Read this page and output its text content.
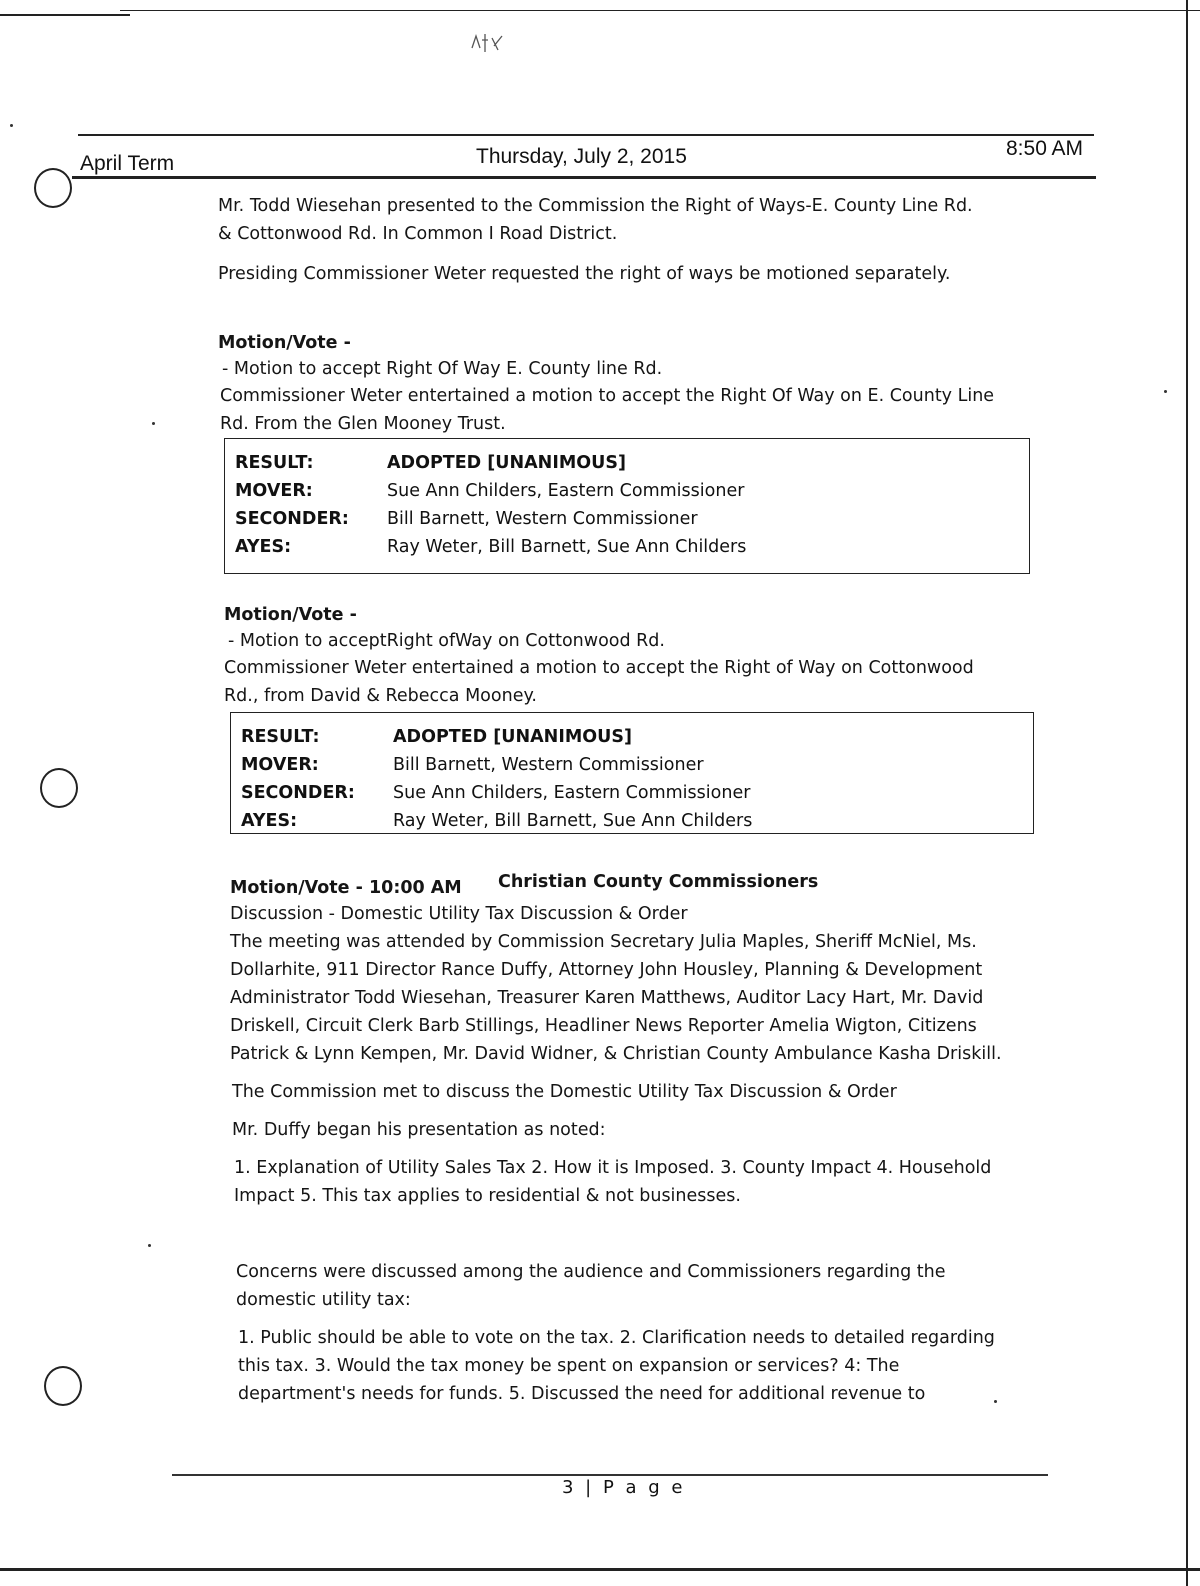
April Term	Thursday, July 2, 2015	8:50 AM
Mr. Todd Wiesehan presented to the Commission the Right of Ways-E. County Line Rd.
& Cottonwood Rd. In Common I Road District.
Presiding Commissioner Weter requested the right of ways be motioned separately.
Motion/Vote -
- Motion to accept Right Of Way E. County line Rd.
Commissioner Weter entertained a motion to accept the Right Of Way on E. County Line
Rd. From the Glen Mooney Trust.
RESULT:	ADOPTED [UNANIMOUS]
MOVER:	Sue Ann Childers, Eastern Commissioner
SECONDER:	Bill Barnett, Western Commissioner
AYES:	Ray Weter, Bill Barnett, Sue Ann Childers
Motion/Vote -
- Motion to acceptRight ofWay on Cottonwood Rd.
Commissioner Weter entertained a motion to accept the Right of Way on Cottonwood
Rd., from David & Rebecca Mooney.
RESULT:	ADOPTED [UNANIMOUS]
MOVER:	Bill Barnett, Western Commissioner
SECONDER:	Sue Ann Childers, Eastern Commissioner
AYES:	Ray Weter, Bill Barnett, Sue Ann Childers
Motion/Vote - 10:00 AM Christian County Commissioners
Discussion - Domestic Utility Tax Discussion & Order
The meeting was attended by Commission Secretary Julia Maples, Sheriff McNiel, Ms.
Dollarhite, 911 Director Rance Duffy, Attorney John Housley, Planning & Development
Administrator Todd Wiesehan, Treasurer Karen Matthews, Auditor Lacy Hart, Mr. David
Driskell, Circuit Clerk Barb Stillings, Headliner News Reporter Amelia Wigton, Citizens
Patrick & Lynn Kempen, Mr. David Widner, & Christian County Ambulance Kasha Driskill.
The Commission met to discuss the Domestic Utility Tax Discussion & Order
Mr. Duffy began his presentation as noted:
1. Explanation of Utility Sales Tax 2. How it is Imposed. 3. County Impact 4. Household
Impact 5. This tax applies to residential & not businesses.
Concerns were discussed among the audience and Commissioners regarding the
domestic utility tax:
1. Public should be able to vote on the tax. 2. Clarification needs to detailed regarding
this tax. 3. Would the tax money be spent on expansion or services? 4: The
department's needs for funds. 5. Discussed the need for additional revenue to
3 | P a g e
